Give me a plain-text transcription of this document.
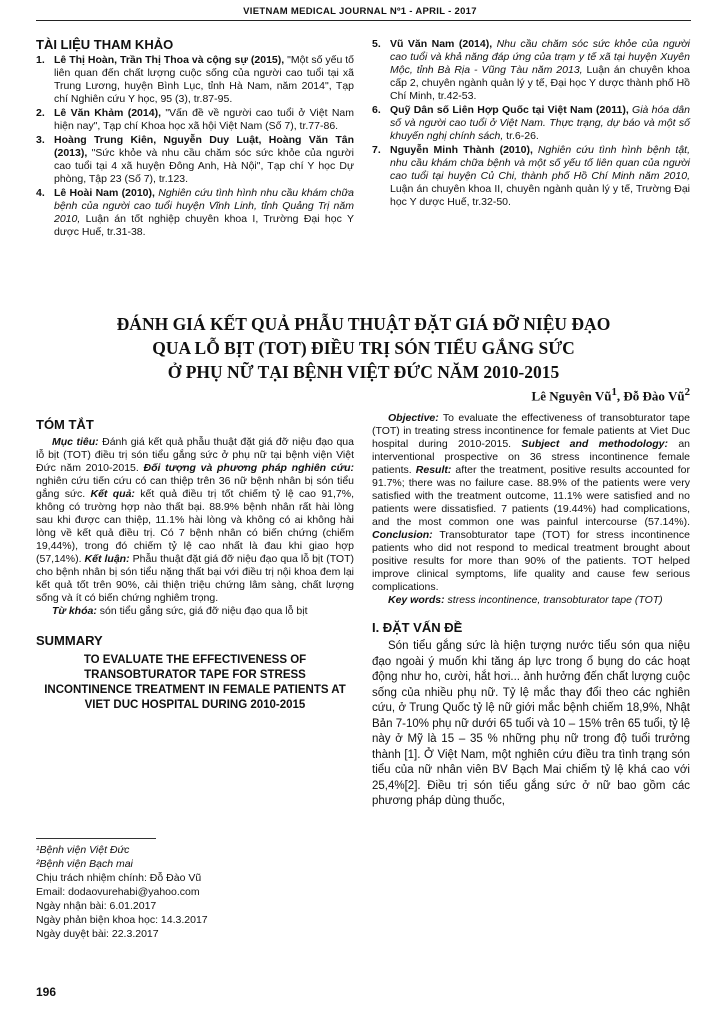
VIETNAM MEDICAL JOURNAL Nº1 - APRIL - 2017
TÀI LIỆU THAM KHẢO
1. Lê Thị Hoàn, Trần Thị Thoa và cộng sự (2015), "Một số yếu tố liên quan đến chất lượng cuộc sống của người cao tuổi tại xã Trung Lương, huyện Bình Lục, tỉnh Hà Nam, năm 2014", Tạp chí Nghiên cứu Y học, 95 (3), tr.87-95.
2. Lê Văn Khảm (2014), "Vấn đề về người cao tuổi ở Việt Nam hiện nay", Tạp chí Khoa học xã hội Việt Nam (Số 7), tr.77-86.
3. Hoàng Trung Kiên, Nguyễn Duy Luật, Hoàng Văn Tân (2013), "Sức khỏe và nhu cầu chăm sóc sức khỏe của người cao tuổi tại 4 xã huyện Đông Anh, Hà Nội", Tạp chí Y học Dự phòng, Tập 23 (Số 7), tr.123.
4. Lê Hoài Nam (2010), Nghiên cứu tình hình nhu cầu khám chữa bệnh của người cao tuổi huyện Vĩnh Linh, tỉnh Quảng Trị năm 2010, Luận án tốt nghiệp chuyên khoa I, Trường Đại học Y dược Huế, tr.31-38.
5. Vũ Văn Nam (2014), Nhu cầu chăm sóc sức khỏe của người cao tuổi và khả năng đáp ứng của trạm y tế xã tại huyện Xuyên Mộc, tỉnh Bà Rịa - Vũng Tàu năm 2013, Luận án chuyên khoa cấp 2, chuyên ngành quản lý y tế, Đại học Y dược thành phố Hồ Chí Minh, tr.42-53.
6. Quỹ Dân số Liên Hợp Quốc tại Việt Nam (2011), Già hóa dân số và người cao tuổi ở Việt Nam. Thực trạng, dự báo và một số khuyến nghị chính sách, tr.6-26.
7. Nguyễn Minh Thành (2010), Nghiên cứu tình hình bệnh tật, nhu cầu khám chữa bệnh và một số yếu tố liên quan của người cao tuổi tại huyện Củ Chi, thành phố Hồ Chí Minh năm 2010, Luận án chuyên khoa II, chuyên ngành quản lý y tế, Trường Đại học Y dược Huế, tr.32-50.
ĐÁNH GIÁ KẾT QUẢ PHẪU THUẬT ĐẶT GIÁ ĐỠ NIỆU ĐẠO
QUA LỖ BỊT (TOT) ĐIỀU TRỊ SÓN TIỂU GẮNG SỨC
Ở PHỤ NỮ TẠI BỆNH VIỆT ĐỨC NĂM 2010-2015
Lê Nguyên $Vũ^1$, Đỗ Đào $Vũ^2$
TÓM TẮT

Mục tiêu: Đánh giá kết quả phẫu thuật đặt giá đỡ niệu đạo qua lỗ bịt (TOT) điều trị són tiểu gắng sức ở phụ nữ tại bệnh viện Việt Đức năm 2010-2015. Đối tượng và phương pháp nghiên cứu: nghiên cứu tiến cứu có can thiệp trên 36 nữ bệnh nhân bị són tiểu gắng sức. Kết quả: kết quả điều trị tốt chiếm tỷ lệ cao 91,7%, không có trường hợp nào thất bại. 88.9% bệnh nhân rất hài lòng sau khi được can thiệp, 11.1% hài lòng và không có ai không hài lòng về kết quả điều trị. Có 7 bệnh nhân có biến chứng (chiếm 19,44%), trong đó chiếm tỷ lệ cao nhất là đau khi giao hợp (57,14%). Kết luận: Phẫu thuật đặt giá đỡ niệu đạo qua lỗ bịt (TOT) cho bệnh nhân bị són tiểu nặng thất bại với điều trị nội khoa đem lại kết quả tốt trên 90%, cải thiện triệu chứng lâm sàng, chất lượng sống và ít có biến chứng nghiêm trọng.

Từ khóa: són tiểu gắng sức, giá đỡ niệu đạo qua lỗ bịt

SUMMARY
TO EVALUATE THE EFFECTIVENESS OF TRANSOBTURATOR TAPE FOR STRESS INCONTINENCE TREATMENT IN FEMALE PATIENTS AT VIET DUC HOSPITAL DURING 2010-2015
¹Bệnh viện Việt Đức
²Bệnh viện Bạch mai
Chịu trách nhiệm chính: Đỗ Đào Vũ
Email: dodaovurehabi@yahoo.com
Ngày nhận bài: 6.01.2017
Ngày phản biện khoa học: 14.3.2017
Ngày duyệt bài: 22.3.2017

Objective: To evaluate the effectiveness of transobturator tape (TOT) in treating stress incontinence for female patients at Viet Duc hospital during 2010-2015. Subject and methodology: an interventional prospective on 36 stress incontinence female patients. Result: after the treatment, positive results accounted for 91.7%; there was no failure case. 88.9% of the patients were very satisfied with the treatment outcome, 11.1% were satisfied and no patients were dissatisfied. 7 patients (19.44%) had complications, and the most common one was painful intercourse (57.14%). Conclusion: Transobturator tape (TOT) for stress incontinence patients who did not respond to medical treatment brought about positive results for more than 90% of the patients. TOT helped improve clinical symptoms, life quality and cause few serious complications.

Key words: stress incontinence, transobturator tape (TOT)

I. ĐẶT VẤN ĐỀ

Són tiểu gắng sức là hiện tượng nước tiểu són qua niệu đạo ngoài ý muốn khi tăng áp lực trong ổ bụng do các hoạt động như ho, cười, hắt hơi... ảnh hưởng đến chất lượng cuộc sống của nhiều phụ nữ. Tỷ lệ mắc thay đổi theo các nghiên cứu, ở Trung Quốc tỷ lệ nữ giới mắc bệnh chiếm 18,9%, Nhật Bản 7-10% phụ nữ dưới 65 tuổi và 10 – 15% trên 65 tuổi, tỷ lệ này ở Mỹ là 15 – 35 % những phụ nữ trong độ tuổi trưởng thành [1]. Ở Việt Nam, một nghiên cứu điều tra tình trạng són tiểu của nữ nhân viên BV Bạch Mai chiếm tỷ lệ khá cao với 25,4%[2]. Điều trị són tiểu gắng sức ở nữ bao gồm các phương pháp dùng thuốc,

196
